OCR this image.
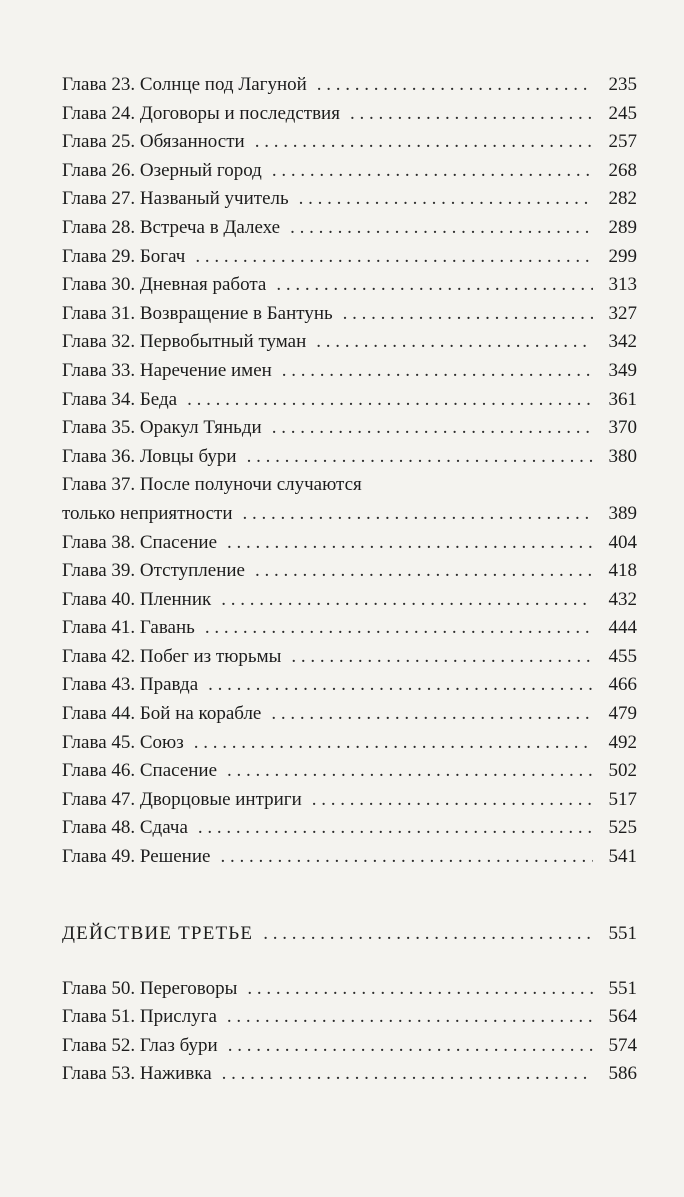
Глава 23. Солнце под Лагуной . . .	235
Глава 24. Договоры и последствия . . .	245
Глава 25. Обязанности . . .	257
Глава 26. Озерный город . . .	268
Глава 27. Названый учитель . . .	282
Глава 28. Встреча в Далехе . . .	289
Глава 29. Богач . . .	299
Глава 30. Дневная работа . . .	313
Глава 31. Возвращение в Бантунь . . .	327
Глава 32. Первобытный туман . . .	342
Глава 33. Наречение имен . . .	349
Глава 34. Беда . . .	361
Глава 35. Оракул Тяньди . . .	370
Глава 36. Ловцы бури . . .	380
Глава 37. После полуночи случаются
только неприятности . . .	389
Глава 38. Спасение . . .	404
Глава 39. Отступление . . .	418
Глава 40. Пленник . . .	432
Глава 41. Гавань . . .	444
Глава 42. Побег из тюрьмы . . .	455
Глава 43. Правда . . .	466
Глава 44. Бой на корабле . . .	479
Глава 45. Союз . . .	492
Глава 46. Спасение . . .	502
Глава 47. Дворцовые интриги . . .	517
Глава 48. Сдача . . .	525
Глава 49. Решение . . .	541
ДЕЙСТВИЕ ТРЕТЬЕ . . .	551
Глава 50. Переговоры . . .	551
Глава 51. Прислуга . . .	564
Глава 52. Глаз бури . . .	574
Глава 53. Наживка . . .	586
